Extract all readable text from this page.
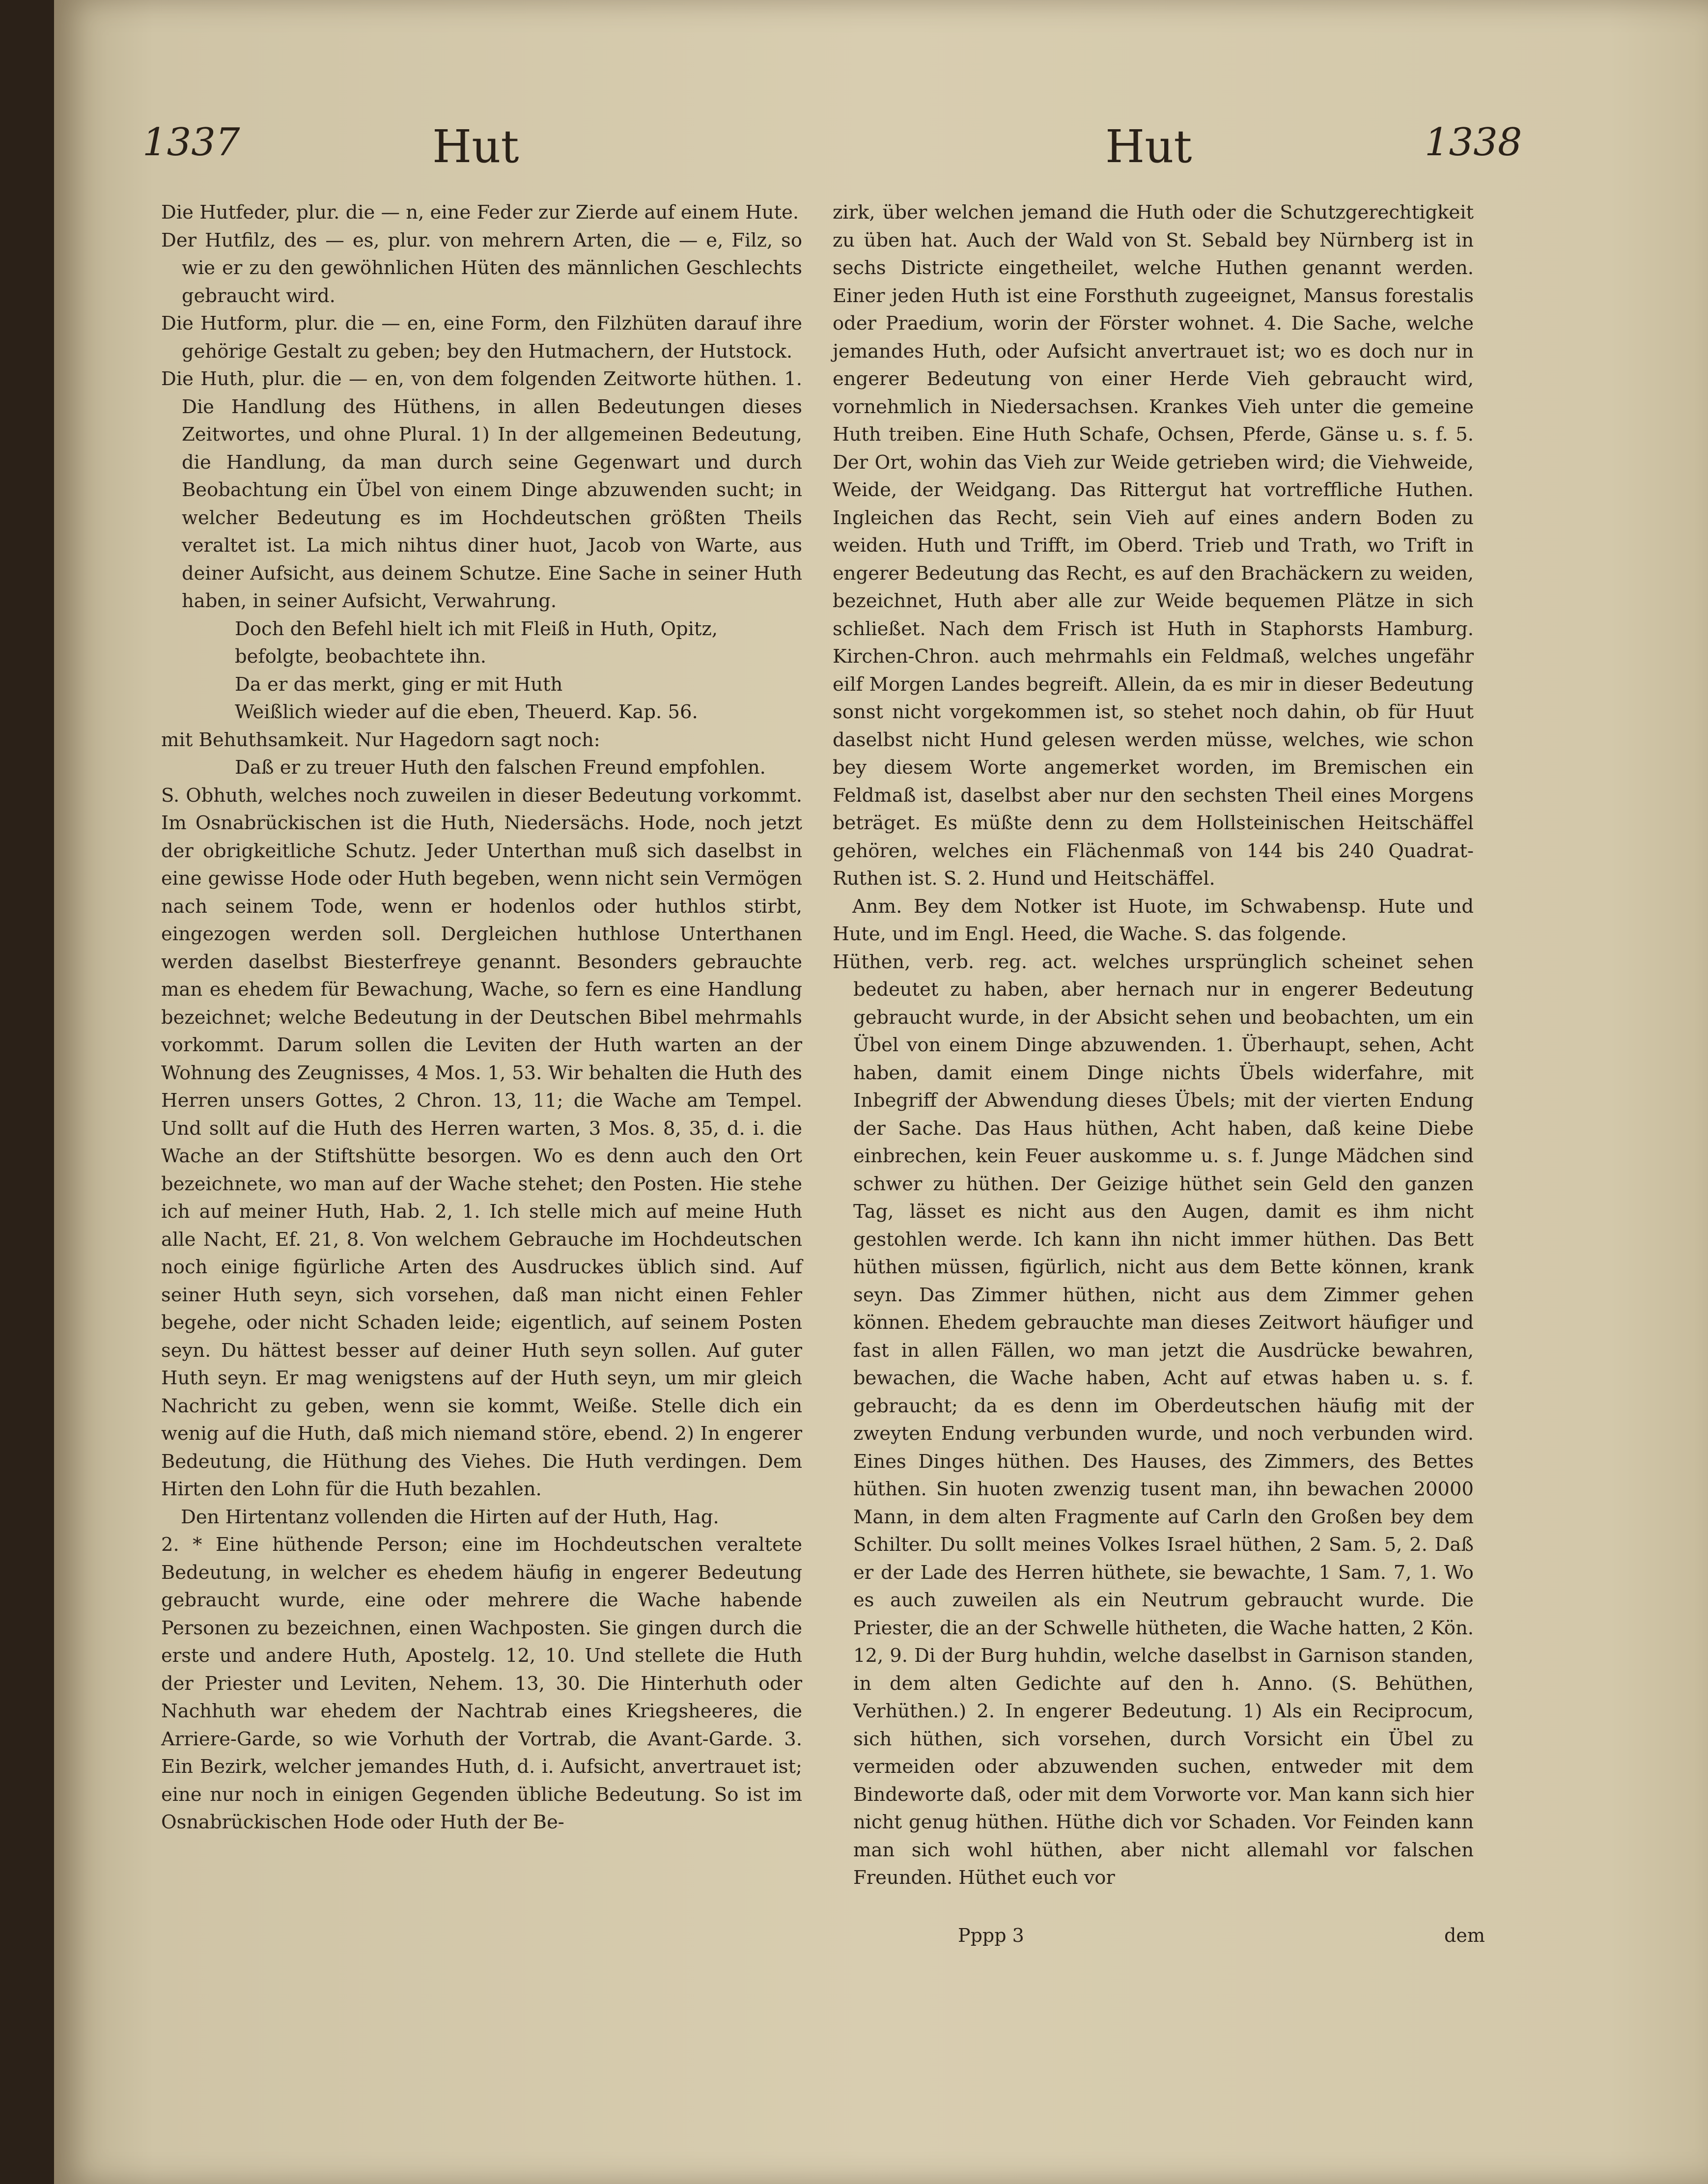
1337	Hut	Hut	1338

Die Hutfeder, plur. die — n, eine Feder zur Zierde auf einem Hute.

Der Hutfilz, des — es, plur. von mehrern Arten, die — e, Filz, so wie er zu den gewöhnlichen Hüten des männlichen Geschlechts gebraucht wird.

Die Hutform, plur. die — en, eine Form, den Filzhüten darauf ihre gehörige Gestalt zu geben; bey den Hutmachern, der Hutstock.

Die Huth, plur. die — en, von dem folgenden Zeitworte hüthen. 1. Die Handlung des Hüthens, in allen Bedeutungen dieses Zeitwortes, und ohne Plural. 1) In der allgemeinen Bedeutung, die Handlung, da man durch seine Gegenwart und durch Beobachtung ein Übel von einem Dinge abzuwenden sucht; in welcher Bedeutung es im Hochdeutschen größten Theils veraltet ist. La mich nihtus diner huot, Jacob von Warte, aus deiner Aufsicht, aus deinem Schutze. Eine Sache in seiner Huth haben, in seiner Aufsicht, Verwahrung.

Doch den Befehl hielt ich mit Fleiß in Huth, Opitz, befolgte, beobachtete ihn.

Da er das merkt, ging er mit Huth

Weißlich wieder auf die eben, Theuerd. Kap. 56.

mit Behuthsamkeit. Nur Hagedorn sagt noch:

Daß er zu treuer Huth den falschen Freund empfohlen.

S. Obhuth, welches noch zuweilen in dieser Bedeutung vorkommt. Im Osnabrückischen ist die Huth, Niedersächs. Hode, noch jetzt der obrigkeitliche Schutz. Jeder Unterthan muß sich daselbst in eine gewisse Hode oder Huth begeben, wenn nicht sein Vermögen nach seinem Tode, wenn er hodenlos oder huthlos stirbt, eingezogen werden soll. Dergleichen huthlose Unterthanen werden daselbst Biesterfreye genannt. Besonders gebrauchte man es ehedem für Bewachung, Wache, so fern es eine Handlung bezeichnet; welche Bedeutung in der Deutschen Bibel mehrmahls vorkommt. Darum sollen die Leviten der Huth warten an der Wohnung des Zeugnisses, 4 Mos. 1, 53. Wir behalten die Huth des Herren unsers Gottes, 2 Chron. 13, 11; die Wache am Tempel. Und sollt auf die Huth des Herren warten, 3 Mos. 8, 35, d. i. die Wache an der Stiftshütte besorgen. Wo es denn auch den Ort bezeichnete, wo man auf der Wache stehet; den Posten. Hie stehe ich auf meiner Huth, Hab. 2, 1. Ich stelle mich auf meine Huth alle Nacht, Ef. 21, 8. Von welchem Gebrauche im Hochdeutschen noch einige figürliche Arten des Ausdruckes üblich sind. Auf seiner Huth seyn, sich vorsehen, daß man nicht einen Fehler begehe, oder nicht Schaden leide; eigentlich, auf seinem Posten seyn. Du hättest besser auf deiner Huth seyn sollen. Auf guter Huth seyn. Er mag wenigstens auf der Huth seyn, um mir gleich Nachricht zu geben, wenn sie kommt, Weiße. Stelle dich ein wenig auf die Huth, daß mich niemand störe, ebend. 2) In engerer Bedeutung, die Hüthung des Viehes. Die Huth verdingen. Dem Hirten den Lohn für die Huth bezahlen.

Den Hirtentanz vollenden die Hirten auf der Huth, Hag.

2. * Eine hüthende Person; eine im Hochdeutschen veraltete Bedeutung, in welcher es ehedem häufig in engerer Bedeutung gebraucht wurde, eine oder mehrere die Wache habende Personen zu bezeichnen, einen Wachposten. Sie gingen durch die erste und andere Huth, Apostelg. 12, 10. Und stellete die Huth der Priester und Leviten, Nehem. 13, 30. Die Hinterhuth oder Nachhuth war ehedem der Nachtrab eines Kriegsheeres, die Arriere-Garde, so wie Vorhuth der Vortrab, die Avant-Garde. 3. Ein Bezirk, welcher jemandes Huth, d. i. Aufsicht, anvertrauet ist; eine nur noch in einigen Gegenden übliche Bedeutung. So ist im Osnabrückischen Hode oder Huth der Be-

zirk, über welchen jemand die Huth oder die Schutzgerechtigkeit zu üben hat. Auch der Wald von St. Sebald bey Nürnberg ist in sechs Districte eingetheilet, welche Huthen genannt werden. Einer jeden Huth ist eine Forsthuth zugeeignet, Mansus forestalis oder Praedium, worin der Förster wohnet. 4. Die Sache, welche jemandes Huth, oder Aufsicht anvertrauet ist; wo es doch nur in engerer Bedeutung von einer Herde Vieh gebraucht wird, vornehmlich in Niedersachsen. Krankes Vieh unter die gemeine Huth treiben. Eine Huth Schafe, Ochsen, Pferde, Gänse u. s. f. 5. Der Ort, wohin das Vieh zur Weide getrieben wird; die Viehweide, Weide, der Weidgang. Das Rittergut hat vortreffliche Huthen. Ingleichen das Recht, sein Vieh auf eines andern Boden zu weiden. Huth und Trifft, im Oberd. Trieb und Trath, wo Trift in engerer Bedeutung das Recht, es auf den Brachäckern zu weiden, bezeichnet, Huth aber alle zur Weide bequemen Plätze in sich schließet. Nach dem Frisch ist Huth in Staphorsts Hamburg. Kirchen-Chron. auch mehrmahls ein Feldmaß, welches ungefähr eilf Morgen Landes begreift. Allein, da es mir in dieser Bedeutung sonst nicht vorgekommen ist, so stehet noch dahin, ob für Huut daselbst nicht Hund gelesen werden müsse, welches, wie schon bey diesem Worte angemerket worden, im Bremischen ein Feldmaß ist, daselbst aber nur den sechsten Theil eines Morgens beträget. Es müßte denn zu dem Hollsteinischen Heitschäffel gehören, welches ein Flächenmaß von 144 bis 240 Quadrat-Ruthen ist. S. 2. Hund und Heitschäffel.

Anm. Bey dem Notker ist Huote, im Schwabensp. Hute und Hute, und im Engl. Heed, die Wache. S. das folgende.

Hüthen, verb. reg. act. welches ursprünglich scheinet sehen bedeutet zu haben, aber hernach nur in engerer Bedeutung gebraucht wurde, in der Absicht sehen und beobachten, um ein Übel von einem Dinge abzuwenden. 1. Überhaupt, sehen, Acht haben, damit einem Dinge nichts Übels widerfahre, mit Inbegriff der Abwendung dieses Übels; mit der vierten Endung der Sache. Das Haus hüthen, Acht haben, daß keine Diebe einbrechen, kein Feuer auskomme u. s. f. Junge Mädchen sind schwer zu hüthen. Der Geizige hüthet sein Geld den ganzen Tag, lässet es nicht aus den Augen, damit es ihm nicht gestohlen werde. Ich kann ihn nicht immer hüthen. Das Bett hüthen müssen, figürlich, nicht aus dem Bette können, krank seyn. Das Zimmer hüthen, nicht aus dem Zimmer gehen können. Ehedem gebrauchte man dieses Zeitwort häufiger und fast in allen Fällen, wo man jetzt die Ausdrücke bewahren, bewachen, die Wache haben, Acht auf etwas haben u. s. f. gebraucht; da es denn im Oberdeutschen häufig mit der zweyten Endung verbunden wurde, und noch verbunden wird. Eines Dinges hüthen. Des Hauses, des Zimmers, des Bettes hüthen. Sin huoten zwenzig tusent man, ihn bewachen 20000 Mann, in dem alten Fragmente auf Carln den Großen bey dem Schilter. Du sollt meines Volkes Israel hüthen, 2 Sam. 5, 2. Daß er der Lade des Herren hüthete, sie bewachte, 1 Sam. 7, 1. Wo es auch zuweilen als ein Neutrum gebraucht wurde. Die Priester, die an der Schwelle hütheten, die Wache hatten, 2 Kön. 12, 9. Di der Burg huhdin, welche daselbst in Garnison standen, in dem alten Gedichte auf den h. Anno. (S. Behüthen, Verhüthen.) 2. In engerer Bedeutung. 1) Als ein Reciprocum, sich hüthen, sich vorsehen, durch Vorsicht ein Übel zu vermeiden oder abzuwenden suchen, entweder mit dem Bindeworte daß, oder mit dem Vorworte vor. Man kann sich hier nicht genug hüthen. Hüthe dich vor Schaden. Vor Feinden kann man sich wohl hüthen, aber nicht allemahl vor falschen Freunden. Hüthet euch vor

Pppp 3	dem
